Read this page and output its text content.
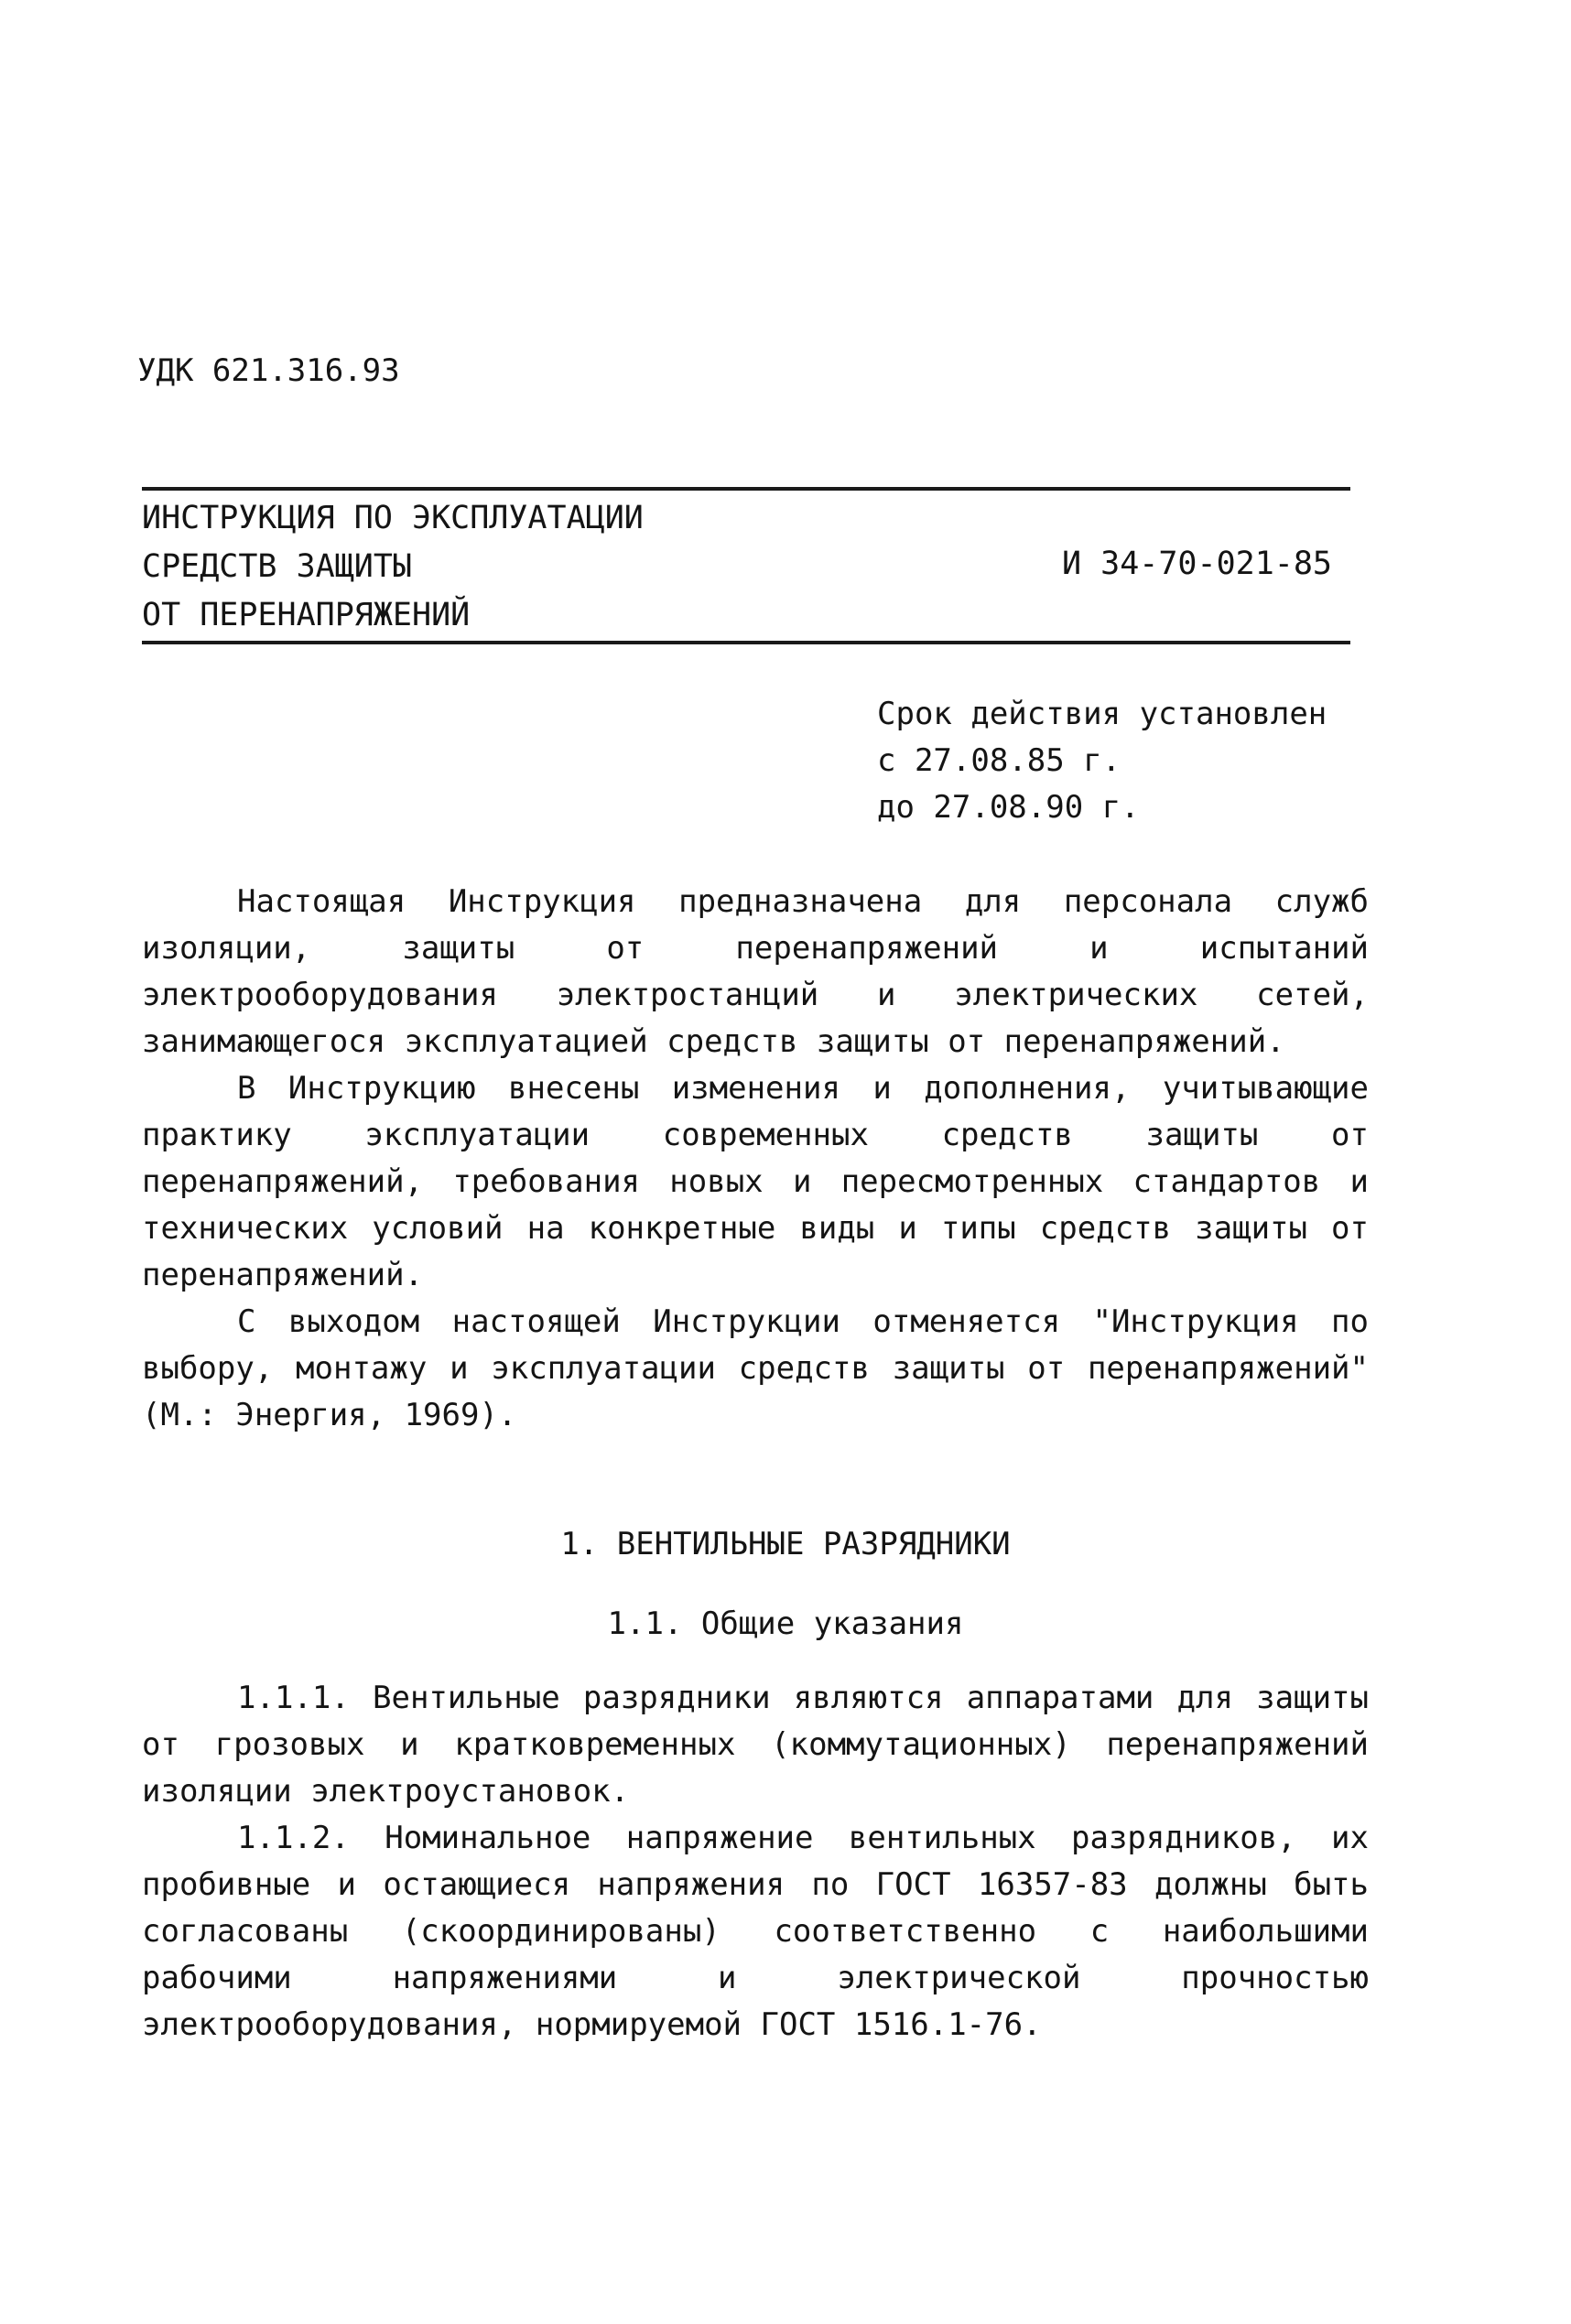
УДК 621.316.93
ИНСТРУКЦИЯ ПО ЭКСПЛУАТАЦИИ
СРЕДСТВ ЗАЩИТЫ
ОТ ПЕРЕНАПРЯЖЕНИЙ
И 34-70-021-85
Срок действия установлен
с 27.08.85 г.
до 27.08.90 г.

Настоящая Инструкция предназначена для персонала служб изоляции, защиты от перенапряжений и испытаний электрооборудования электростанций и электрических сетей, занимающегося эксплуатацией средств защиты от перенапряжений.

В Инструкцию внесены изменения и дополнения, учитывающие практику эксплуатации современных средств защиты от перенапряжений, требования новых и пересмотренных стандартов и технических условий на конкретные виды и типы средств защиты от перенапряжений.

С выходом настоящей Инструкции отменяется "Инструкция по выбору, монтажу и эксплуатации средств защиты от перенапряжений" (М.: Энергия, 1969).

1. ВЕНТИЛЬНЫЕ РАЗРЯДНИКИ
1.1. Общие указания

1.1.1. Вентильные разрядники являются аппаратами для защиты от грозовых и кратковременных (коммутационных) перенапряжений изоляции электроустановок.

1.1.2. Номинальное напряжение вентильных разрядников, их пробивные и остающиеся напряжения по ГОСТ 16357-83 должны быть согласованы (скоординированы) соответственно с наибольшими рабочими напряжениями и электрической прочностью электрооборудования, нормируемой ГОСТ 1516.1-76.
